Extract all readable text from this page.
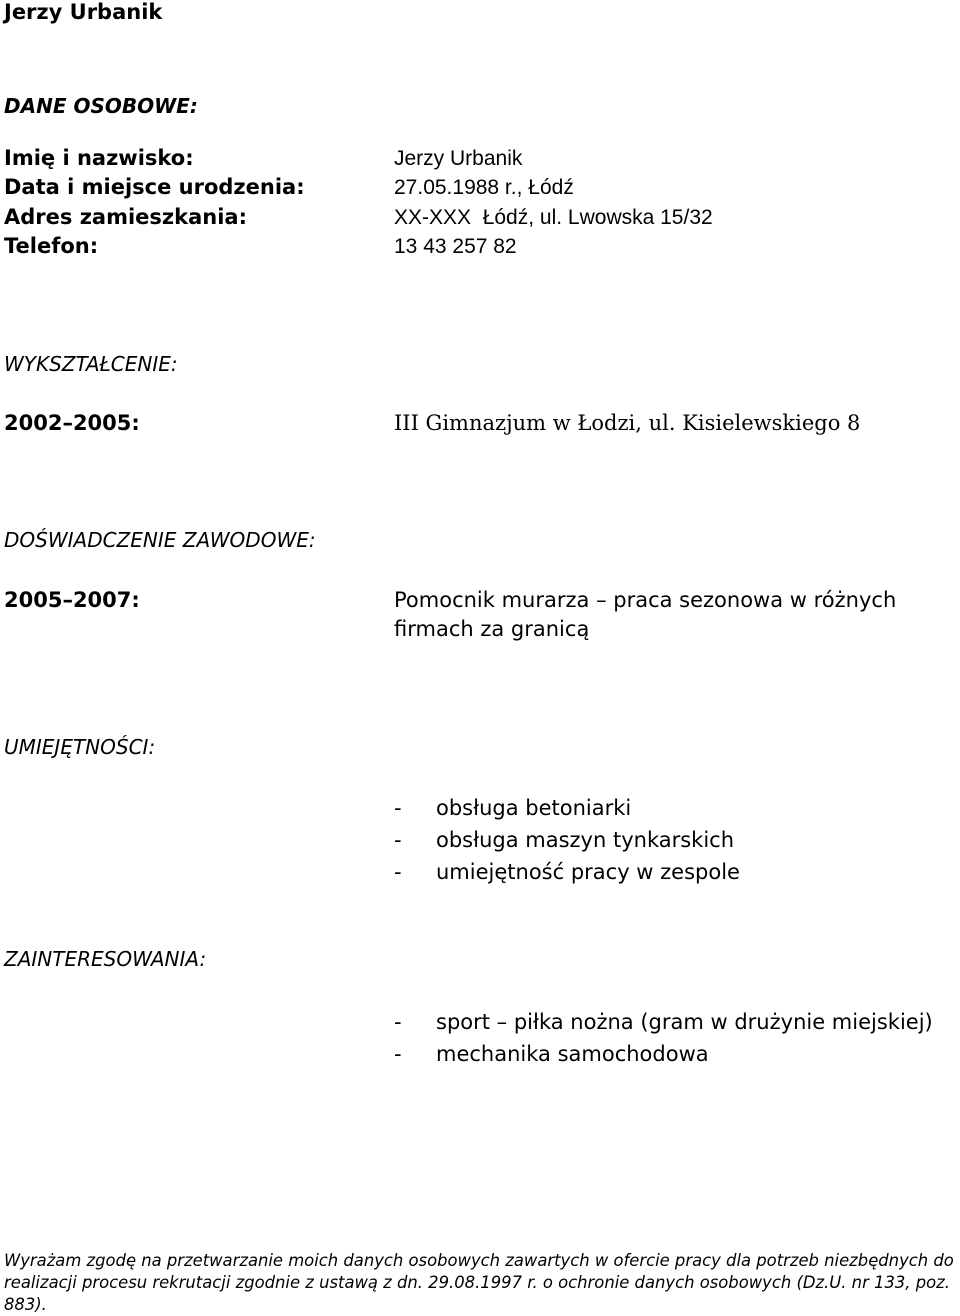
Jerzy Urbanik
DANE OSOBOWE:
Imię i nazwisko:	Jerzy Urbanik
Data i miejsce urodzenia:	27.05.1988 r., Łódź
Adres zamieszkania:	XX-XXX  Łódź, ul. Lwowska 15/32
Telefon:	13 43 257 82
WYKSZTAŁCENIE:
2002–2005:	III Gimnazjum w Łodzi, ul. Kisielewskiego 8
DOŚWIADCZENIE ZAWODOWE:
2005–2007:	Pomocnik murarza – praca sezonowa w różnych
firmach za granicą
UMIEJĘTNOŚCI:
- obsługa betoniarki
- obsługa maszyn tynkarskich
- umiejętność pracy w zespole
ZAINTERESOWANIA:
- sport – piłka nożna (gram w drużynie miejskiej)
- mechanika samochodowa
Wyrażam zgodę na przetwarzanie moich danych osobowych zawartych w ofercie pracy dla potrzeb niezbędnych do realizacji procesu rekrutacji zgodnie z ustawą z dn. 29.08.1997 r. o ochronie danych osobowych (Dz.U. nr 133, poz. 883).
